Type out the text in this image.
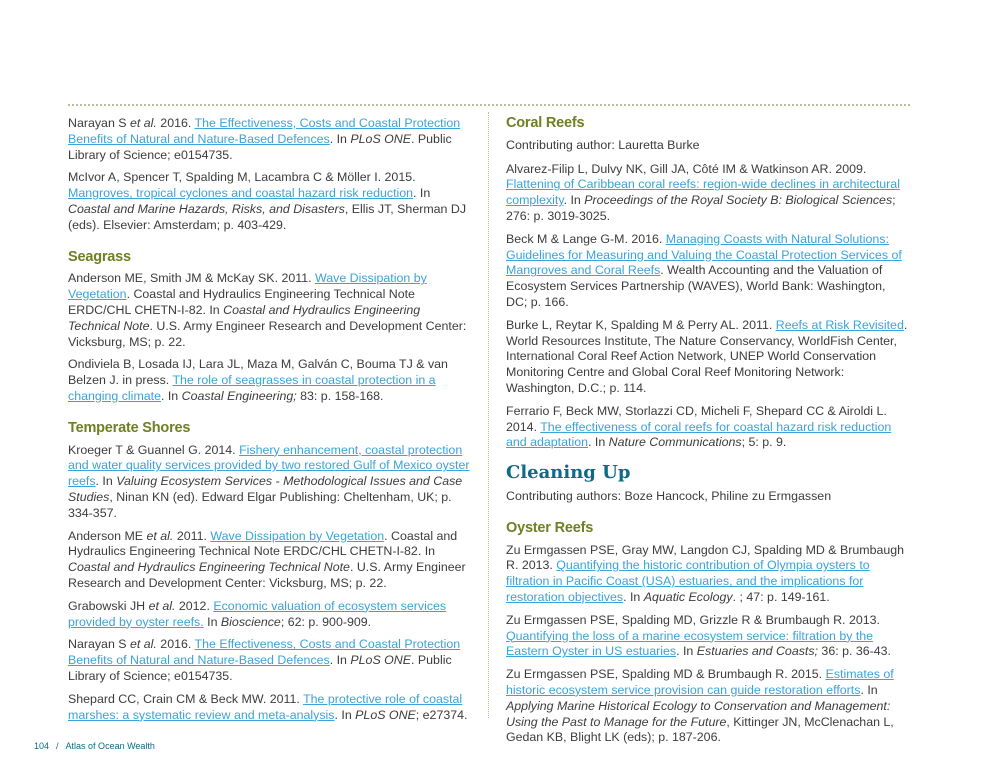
Narayan S et al. 2016. The Effectiveness, Costs and Coastal Protection Benefits of Natural and Nature-Based Defences. In PLoS ONE. Public Library of Science; e0154735.

McIvor A, Spencer T, Spalding M, Lacambra C & Möller I. 2015. Mangroves, tropical cyclones and coastal hazard risk reduction. In Coastal and Marine Hazards, Risks, and Disasters, Ellis JT, Sherman DJ (eds). Elsevier: Amsterdam; p. 403-429.

Seagrass

Anderson ME, Smith JM & McKay SK. 2011. Wave Dissipation by Vegetation. Coastal and Hydraulics Engineering Technical Note ERDC/CHL CHETN-I-82. In Coastal and Hydraulics Engineering Technical Note. U.S. Army Engineer Research and Development Center: Vicksburg, MS; p. 22.

Ondiviela B, Losada IJ, Lara JL, Maza M, Galván C, Bouma TJ & van Belzen J. in press. The role of seagrasses in coastal protection in a changing climate. In Coastal Engineering; 83: p. 158-168.

Temperate Shores

Kroeger T & Guannel G. 2014. Fishery enhancement, coastal protection and water quality services provided by two restored Gulf of Mexico oyster reefs. In Valuing Ecosystem Services - Methodological Issues and Case Studies, Ninan KN (ed). Edward Elgar Publishing: Cheltenham, UK; p. 334-357.

Anderson ME et al. 2011. Wave Dissipation by Vegetation. Coastal and Hydraulics Engineering Technical Note ERDC/CHL CHETN-I-82. In Coastal and Hydraulics Engineering Technical Note. U.S. Army Engineer Research and Development Center: Vicksburg, MS; p. 22.

Grabowski JH et al. 2012. Economic valuation of ecosystem services provided by oyster reefs. In Bioscience; 62: p. 900-909.

Narayan S et al. 2016. The Effectiveness, Costs and Coastal Protection Benefits of Natural and Nature-Based Defences. In PLoS ONE. Public Library of Science; e0154735.

Shepard CC, Crain CM & Beck MW. 2011. The protective role of coastal marshes: a systematic review and meta-analysis. In PLoS ONE; e27374.

Coral Reefs

Contributing author: Lauretta Burke

Alvarez-Filip L, Dulvy NK, Gill JA, Côté IM & Watkinson AR. 2009. Flattening of Caribbean coral reefs: region-wide declines in architectural complexity. In Proceedings of the Royal Society B: Biological Sciences; 276: p. 3019-3025.

Beck M & Lange G-M. 2016. Managing Coasts with Natural Solutions: Guidelines for Measuring and Valuing the Coastal Protection Services of Mangroves and Coral Reefs. Wealth Accounting and the Valuation of Ecosystem Services Partnership (WAVES), World Bank: Washington, DC; p. 166.

Burke L, Reytar K, Spalding M & Perry AL. 2011. Reefs at Risk Revisited. World Resources Institute, The Nature Conservancy, WorldFish Center, International Coral Reef Action Network, UNEP World Conservation Monitoring Centre and Global Coral Reef Monitoring Network: Washington, D.C.; p. 114.

Ferrario F, Beck MW, Storlazzi CD, Micheli F, Shepard CC & Airoldi L. 2014. The effectiveness of coral reefs for coastal hazard risk reduction and adaptation. In Nature Communications; 5: p. 9.

Cleaning Up

Contributing authors: Boze Hancock, Philine zu Ermgassen

Oyster Reefs

Zu Ermgassen PSE, Gray MW, Langdon CJ, Spalding MD & Brumbaugh R. 2013. Quantifying the historic contribution of Olympia oysters to filtration in Pacific Coast (USA) estuaries, and the implications for restoration objectives. In Aquatic Ecology. ; 47: p. 149-161.

Zu Ermgassen PSE, Spalding MD, Grizzle R & Brumbaugh R. 2013. Quantifying the loss of a marine ecosystem service: filtration by the Eastern Oyster in US estuaries. In Estuaries and Coasts; 36: p. 36-43.

Zu Ermgassen PSE, Spalding MD & Brumbaugh R. 2015. Estimates of historic ecosystem service provision can guide restoration efforts. In Applying Marine Historical Ecology to Conservation and Management: Using the Past to Manage for the Future, Kittinger JN, McClenachan L, Gedan KB, Blight LK (eds); p. 187-206.

104 / Atlas of Ocean Wealth
